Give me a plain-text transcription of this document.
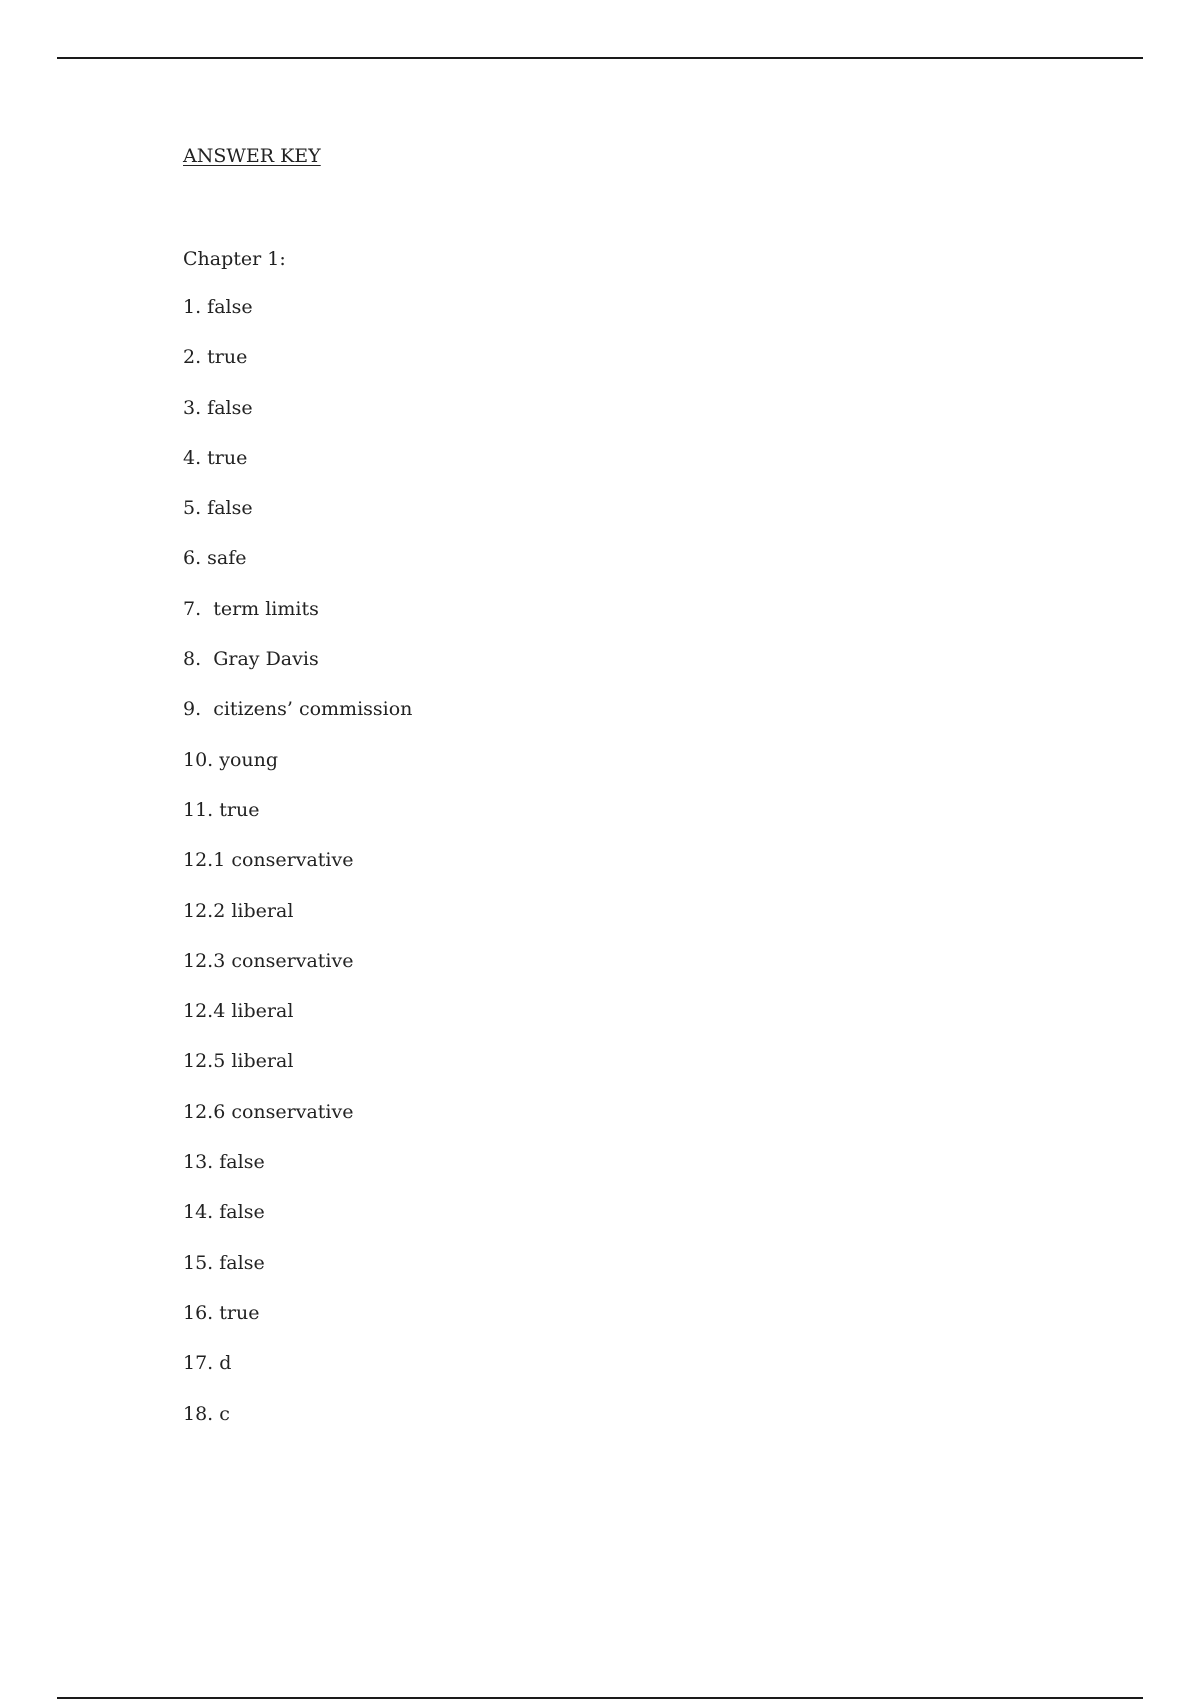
ANSWER KEY
Chapter 1:
1. false
2. true
3. false
4. true
5. false
6. safe
7.  term limits
8.  Gray Davis
9.  citizens’ commission
10. young
11. true
12.1 conservative
12.2 liberal
12.3 conservative
12.4 liberal
12.5 liberal
12.6 conservative
13. false
14. false
15. false
16. true
17. d
18. c
